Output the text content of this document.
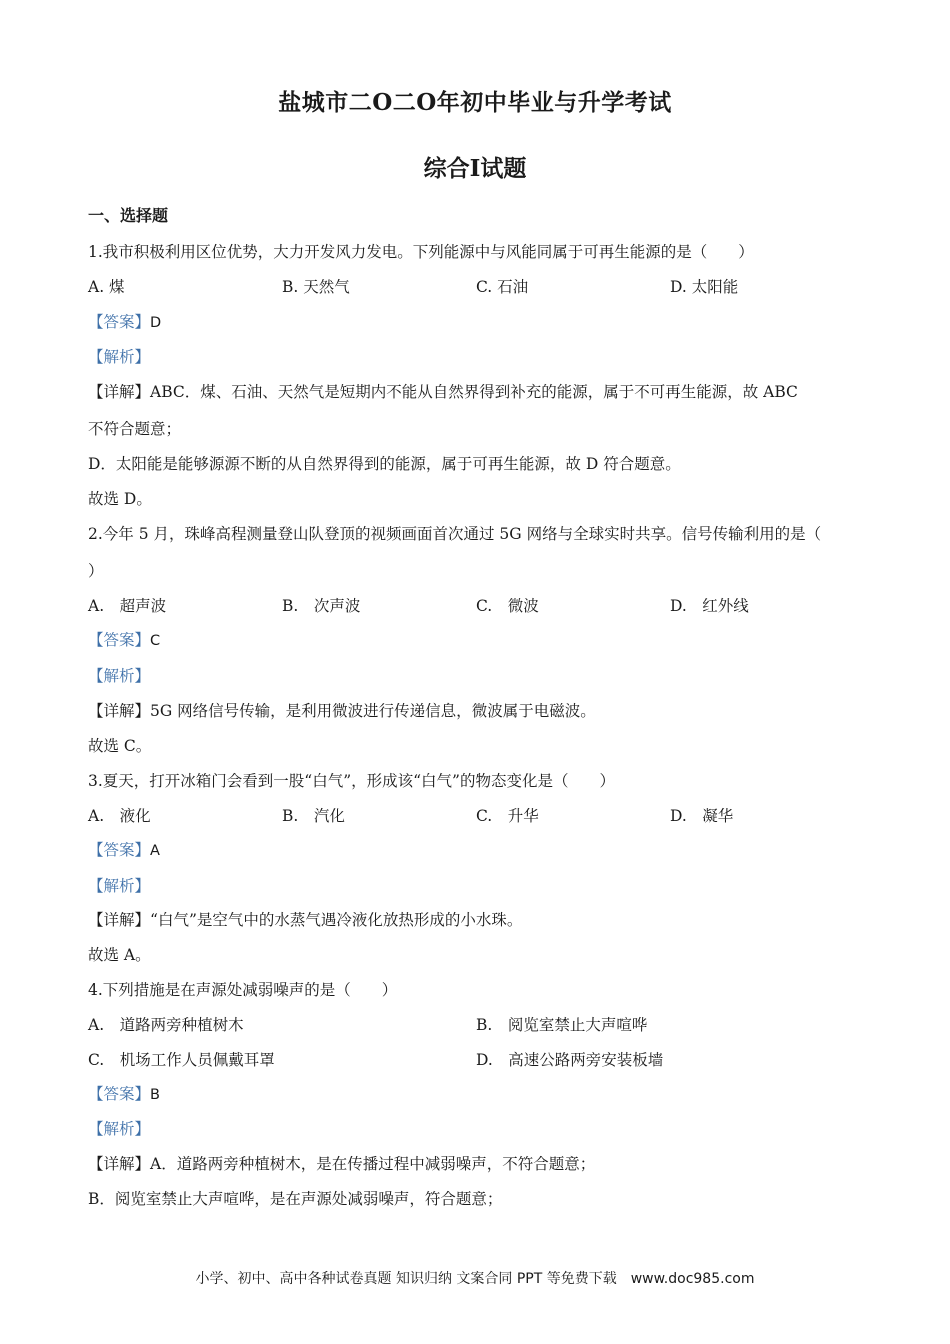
盐城市二O二O年初中毕业与升学考试
综合Ⅰ试题
一、选择题
1.我市积极利用区位优势，大力开发风力发电。下列能源中与风能同属于可再生能源的是（　　）
A. 煤	B. 天然气	C. 石油	D. 太阳能
【答案】D
【解析】
【详解】ABC．煤、石油、天然气是短期内不能从自然界得到补充的能源，属于不可再生能源，故 ABC
不符合题意；
D．太阳能是能够源源不断的从自然界得到的能源，属于可再生能源，故 D 符合题意。
故选 D。
2.今年 5 月，珠峰高程测量登山队登顶的视频画面首次通过 5G 网络与全球实时共享。信号传输利用的是（
）
A.　超声波	B.　次声波	C.　微波	D.　红外线
【答案】C
【解析】
【详解】5G 网络信号传输，是利用微波进行传递信息，微波属于电磁波。
故选 C。
3.夏天，打开冰箱门会看到一股“白气”，形成该“白气”的物态变化是（　　）
A.　液化	B.　汽化	C.　升华	D.　凝华
【答案】A
【解析】
【详解】“白气”是空气中的水蒸气遇冷液化放热形成的小水珠。
故选 A。
4.下列措施是在声源处减弱噪声的是（　　）
A.　道路两旁种植树木	B.　阅览室禁止大声喧哗
C.　机场工作人员佩戴耳罩	D.　高速公路两旁安装板墙
【答案】B
【解析】
【详解】A．道路两旁种植树木，是在传播过程中减弱噪声，不符合题意；
B．阅览室禁止大声喧哗，是在声源处减弱噪声，符合题意；
小学、初中、高中各种试卷真题 知识归纳 文案合同 PPT 等免费下载　www.doc985.com
